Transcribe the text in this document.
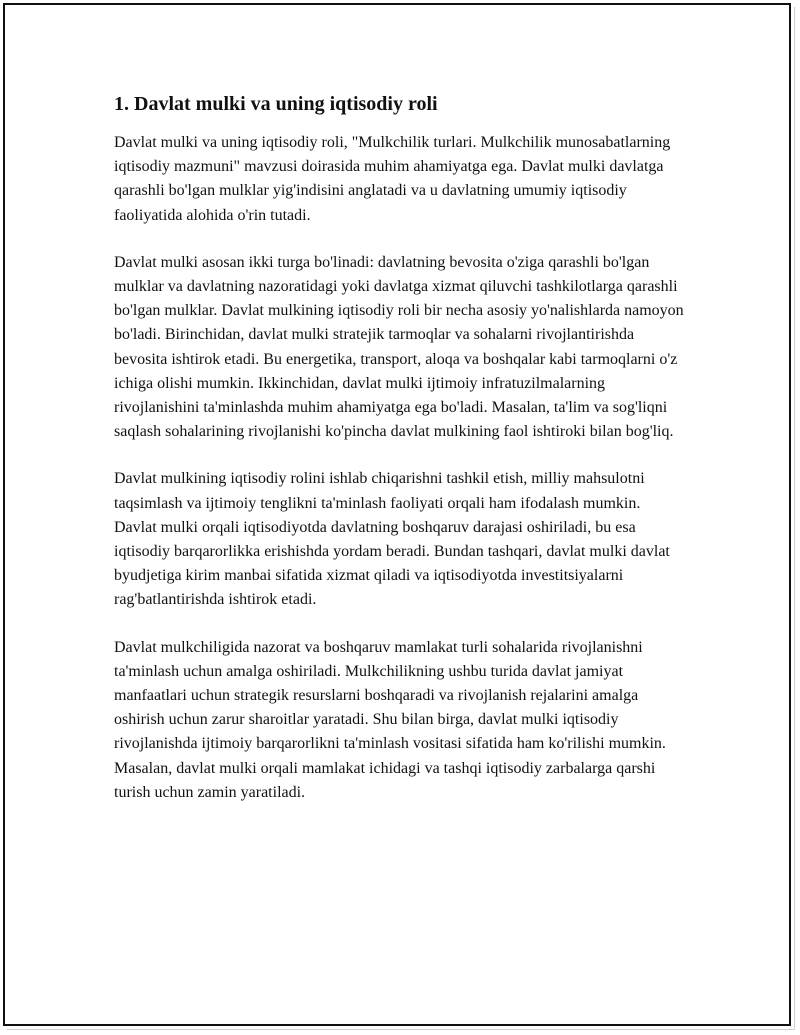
1. Davlat mulki va uning iqtisodiy roli

Davlat mulki va uning iqtisodiy roli, "Mulkchilik turlari. Mulkchilik munosabatlarning iqtisodiy mazmuni" mavzusi doirasida muhim ahamiyatga ega. Davlat mulki davlatga qarashli bo'lgan mulklar yig'indisini anglatadi va u davlatning umumiy iqtisodiy faoliyatida alohida o'rin tutadi.

Davlat mulki asosan ikki turga bo'linadi: davlatning bevosita o'ziga qarashli bo'lgan mulklar va davlatning nazoratidagi yoki davlatga xizmat qiluvchi tashkilotlarga qarashli bo'lgan mulklar. Davlat mulkining iqtisodiy roli bir necha asosiy yo'nalishlarda namoyon bo'ladi. Birinchidan, davlat mulki stratejik tarmoqlar va sohalarni rivojlantirishda bevosita ishtirok etadi. Bu energetika, transport, aloqa va boshqalar kabi tarmoqlarni o'z ichiga olishi mumkin. Ikkinchidan, davlat mulki ijtimoiy infratuzilmalarning rivojlanishini ta'minlashda muhim ahamiyatga ega bo'ladi. Masalan, ta'lim va sog'liqni saqlash sohalarining rivojlanishi ko'pincha davlat mulkining faol ishtiroki bilan bog'liq.

Davlat mulkining iqtisodiy rolini ishlab chiqarishni tashkil etish, milliy mahsulotni taqsimlash va ijtimoiy tenglikni ta'minlash faoliyati orqali ham ifodalash mumkin. Davlat mulki orqali iqtisodiyotda davlatning boshqaruv darajasi oshiriladi, bu esa iqtisodiy barqarorlikka erishishda yordam beradi. Bundan tashqari, davlat mulki davlat byudjetiga kirim manbai sifatida xizmat qiladi va iqtisodiyotda investitsiyalarni rag'batlantirishda ishtirok etadi.

Davlat mulkchiligida nazorat va boshqaruv mamlakat turli sohalarida rivojlanishni ta'minlash uchun amalga oshiriladi. Mulkchilikning ushbu turida davlat jamiyat manfaatlari uchun strategik resurslarni boshqaradi va rivojlanish rejalarini amalga oshirish uchun zarur sharoitlar yaratadi. Shu bilan birga, davlat mulki iqtisodiy rivojlanishda ijtimoiy barqarorlikni ta'minlash vositasi sifatida ham ko'rilishi mumkin. Masalan, davlat mulki orqali mamlakat ichidagi va tashqi iqtisodiy zarbalarga qarshi turish uchun zamin yaratiladi.
